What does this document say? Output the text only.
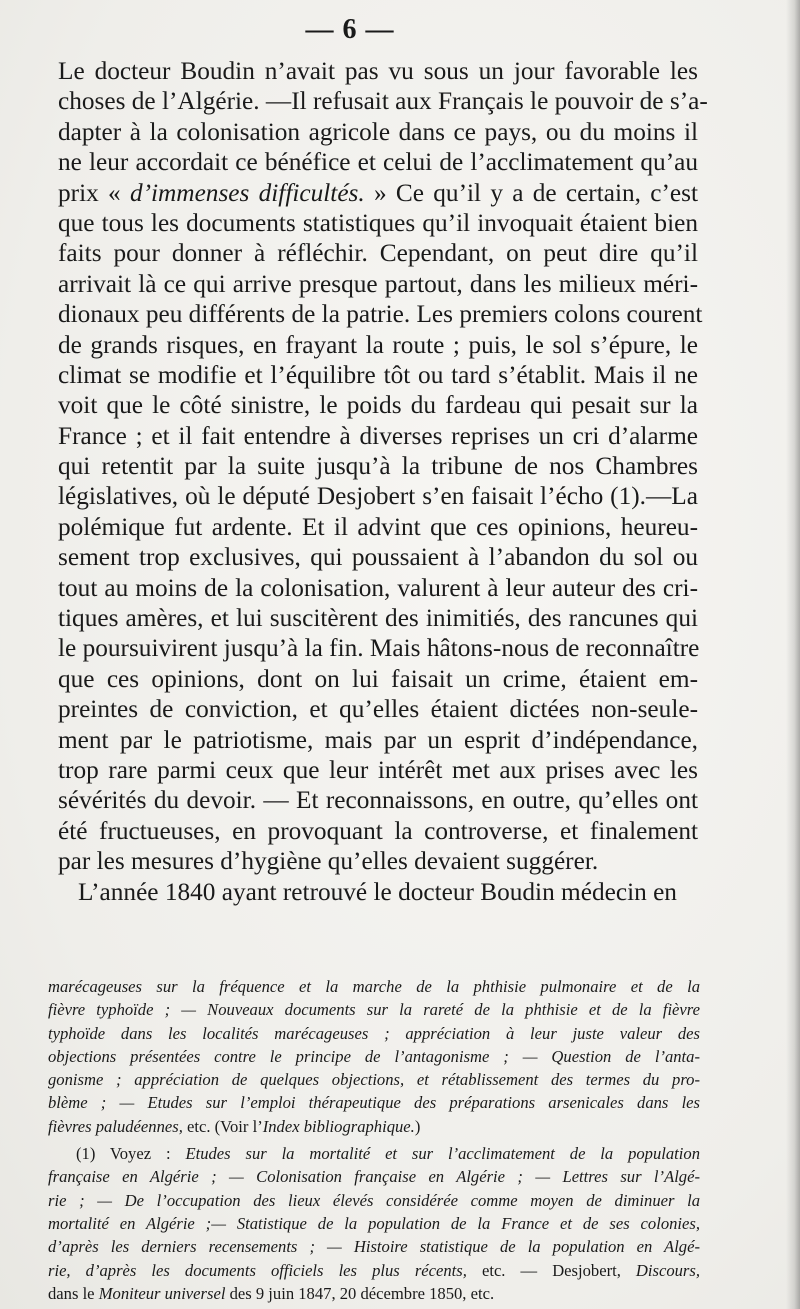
— 6 —
Le docteur Boudin n’avait pas vu sous un jour favorable les
choses de l’Algérie. —Il refusait aux Français le pouvoir de s’a-
dapter à la colonisation agricole dans ce pays, ou du moins il
ne leur accordait ce bénéfice et celui de l’acclimatement qu’au
prix « d’immenses difficultés. » Ce qu’il y a de certain, c’est
que tous les documents statistiques qu’il invoquait étaient bien
faits pour donner à réfléchir. Cependant, on peut dire qu’il
arrivait là ce qui arrive presque partout, dans les milieux méri-
dionaux peu différents de la patrie. Les premiers colons courent
de grands risques, en frayant la route ; puis, le sol s’épure, le
climat se modifie et l’équilibre tôt ou tard s’établit. Mais il ne
voit que le côté sinistre, le poids du fardeau qui pesait sur la
France ; et il fait entendre à diverses reprises un cri d’alarme
qui retentit par la suite jusqu’à la tribune de nos Chambres
législatives, où le député Desjobert s’en faisait l’écho (1).—La
polémique fut ardente. Et il advint que ces opinions, heureu-
sement trop exclusives, qui poussaient à l’abandon du sol ou
tout au moins de la colonisation, valurent à leur auteur des cri-
tiques amères, et lui suscitèrent des inimitiés, des rancunes qui
le poursuivirent jusqu’à la fin. Mais hâtons-nous de reconnaître
que ces opinions, dont on lui faisait un crime, étaient em-
preintes de conviction, et qu’elles étaient dictées non-seule-
ment par le patriotisme, mais par un esprit d’indépendance,
trop rare parmi ceux que leur intérêt met aux prises avec les
sévérités du devoir. — Et reconnaissons, en outre, qu’elles ont
été fructueuses, en provoquant la controverse, et finalement
par les mesures d’hygiène qu’elles devaient suggérer.
L’année 1840 ayant retrouvé le docteur Boudin médecin en
marécageuses sur la fréquence et la marche de la phthisie pulmonaire et de la
fièvre typhoïde ; — Nouveaux documents sur la rareté de la phthisie et de la fièvre
typhoïde dans les localités marécageuses ; appréciation à leur juste valeur des
objections présentées contre le principe de l’antagonisme ; — Question de l’anta-
gonisme ; appréciation de quelques objections, et rétablissement des termes du pro-
blème ; — Etudes sur l’emploi thérapeutique des préparations arsenicales dans les
fièvres paludéennes, etc. (Voir l’Index bibliographique.)
(1) Voyez : Etudes sur la mortalité et sur l’acclimatement de la population
française en Algérie ; — Colonisation française en Algérie ; — Lettres sur l’Algé-
rie ; — De l’occupation des lieux élevés considérée comme moyen de diminuer la
mortalité en Algérie ;— Statistique de la population de la France et de ses colonies,
d’après les derniers recensements ; — Histoire statistique de la population en Algé-
rie, d’après les documents officiels les plus récents, etc. — Desjobert, Discours,
dans le Moniteur universel des 9 juin 1847, 20 décembre 1850, etc.
